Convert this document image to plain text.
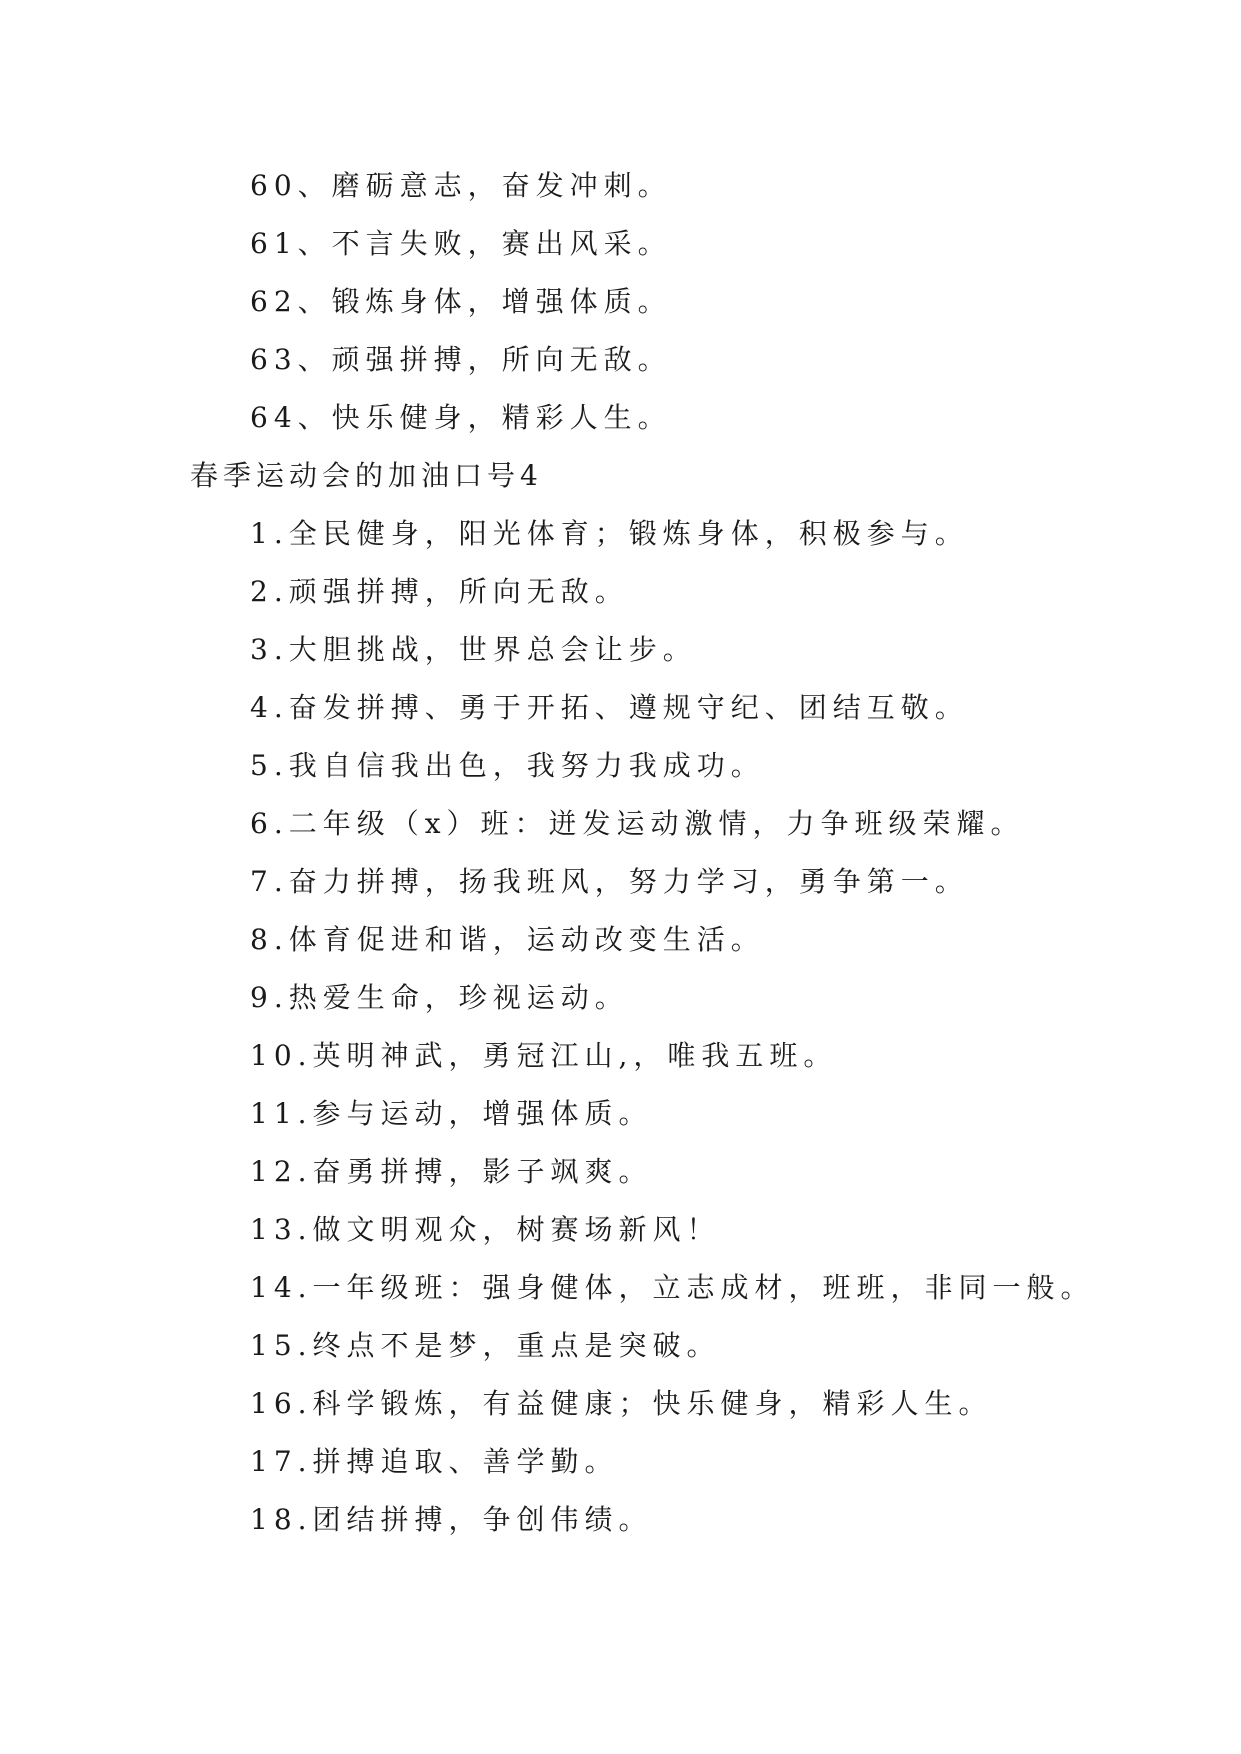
60、磨砺意志，奋发冲刺。
61、不言失败，赛出风采。
62、锻炼身体，增强体质。
63、顽强拼搏，所向无敌。
64、快乐健身，精彩人生。
春季运动会的加油口号4
1.全民健身，阳光体育；锻炼身体，积极参与。
2.顽强拼搏，所向无敌。
3.大胆挑战，世界总会让步。
4.奋发拼搏、勇于开拓、遵规守纪、团结互敬。
5.我自信我出色，我努力我成功。
6.二年级（x）班：迸发运动激情，力争班级荣耀。
7.奋力拼搏，扬我班风，努力学习，勇争第一。
8.体育促进和谐，运动改变生活。
9.热爱生命，珍视运动。
10.英明神武，勇冠江山,，唯我五班。
11.参与运动，增强体质。
12.奋勇拼搏，影子飒爽。
13.做文明观众，树赛场新风！
14.一年级班：强身健体，立志成材，班班，非同一般。
15.终点不是梦，重点是突破。
16.科学锻炼，有益健康；快乐健身，精彩人生。
17.拼搏追取、善学勤。
18.团结拼搏，争创伟绩。
